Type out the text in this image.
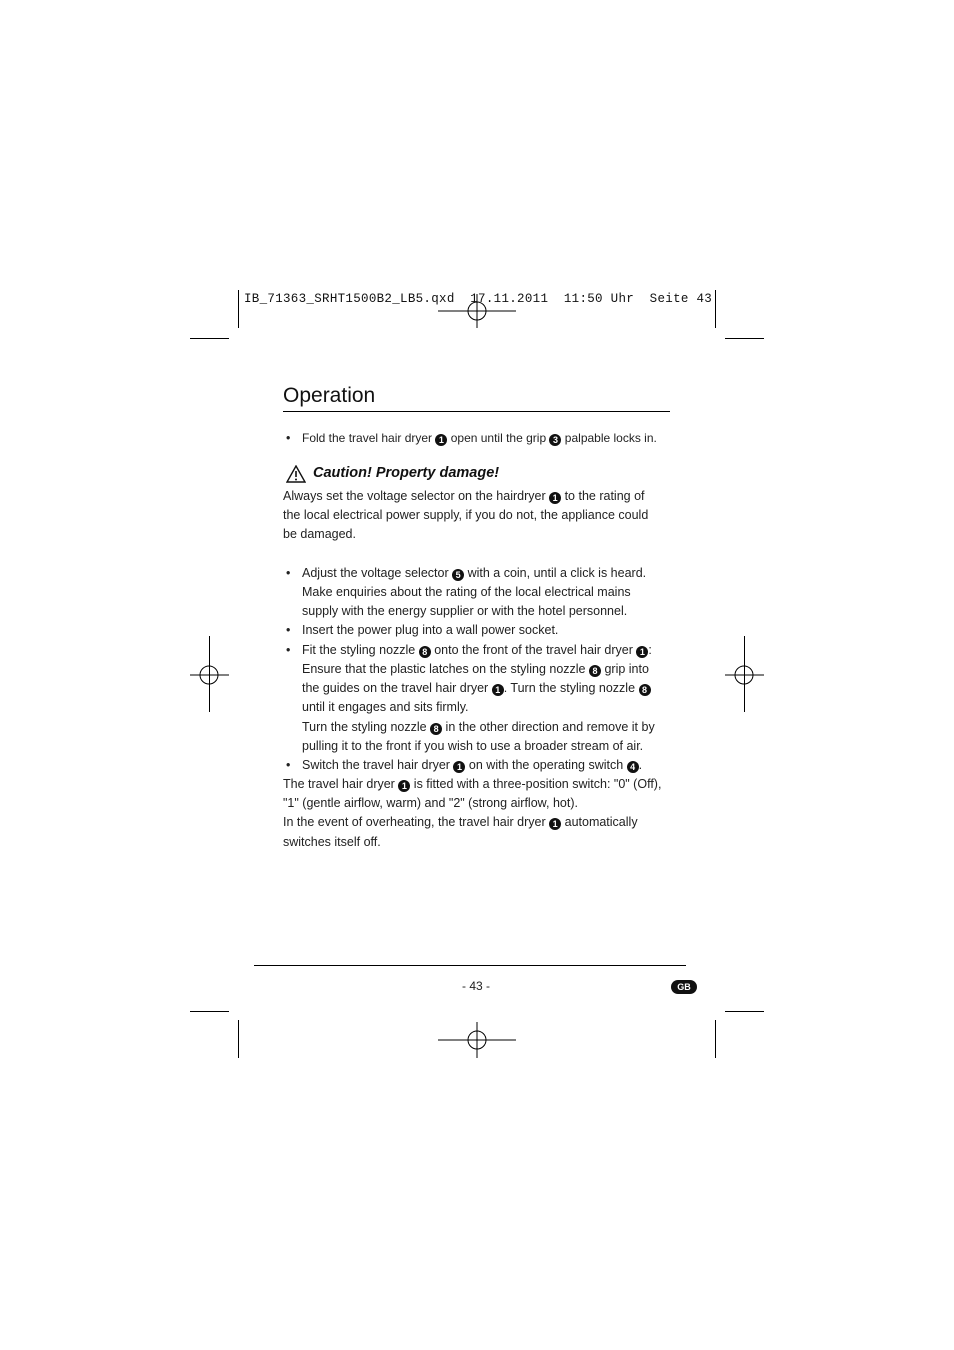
IB_71363_SRHT1500B2_LB5.qxd  17.11.2011  11:50 Uhr  Seite 43
Operation
• Fold the travel hair dryer 1 open until the grip 3 palpable locks in.
Caution! Property damage!
Always set the voltage selector on the hairdryer 1 to the rating of
the local electrical power supply, if you do not, the appliance could
be damaged.
• Adjust the voltage selector 5 with a coin, until a click is heard.
Make enquiries about the rating of the local electrical mains
supply with the energy supplier or with the hotel personnel.
• Insert the power plug into a wall power socket.
• Fit the styling nozzle 8 onto the front of the travel hair dryer 1 :
Ensure that the plastic latches on the styling nozzle 8 grip into
the guides on the travel hair dryer 1 . Turn the styling nozzle 8
until it engages and sits firmly.
Turn the styling nozzle 8 in the other direction and remove it by
pulling it to the front if you wish to use a broader stream of air.
• Switch the travel hair dryer 1 on with the operating switch 4 .
The travel hair dryer 1 is fitted with a three-position switch: "0" (Off),
"1" (gentle airflow, warm) and "2" (strong airflow, hot).
In the event of overheating, the travel hair dryer 1 automatically
switches itself off.
- 43 -	GB
